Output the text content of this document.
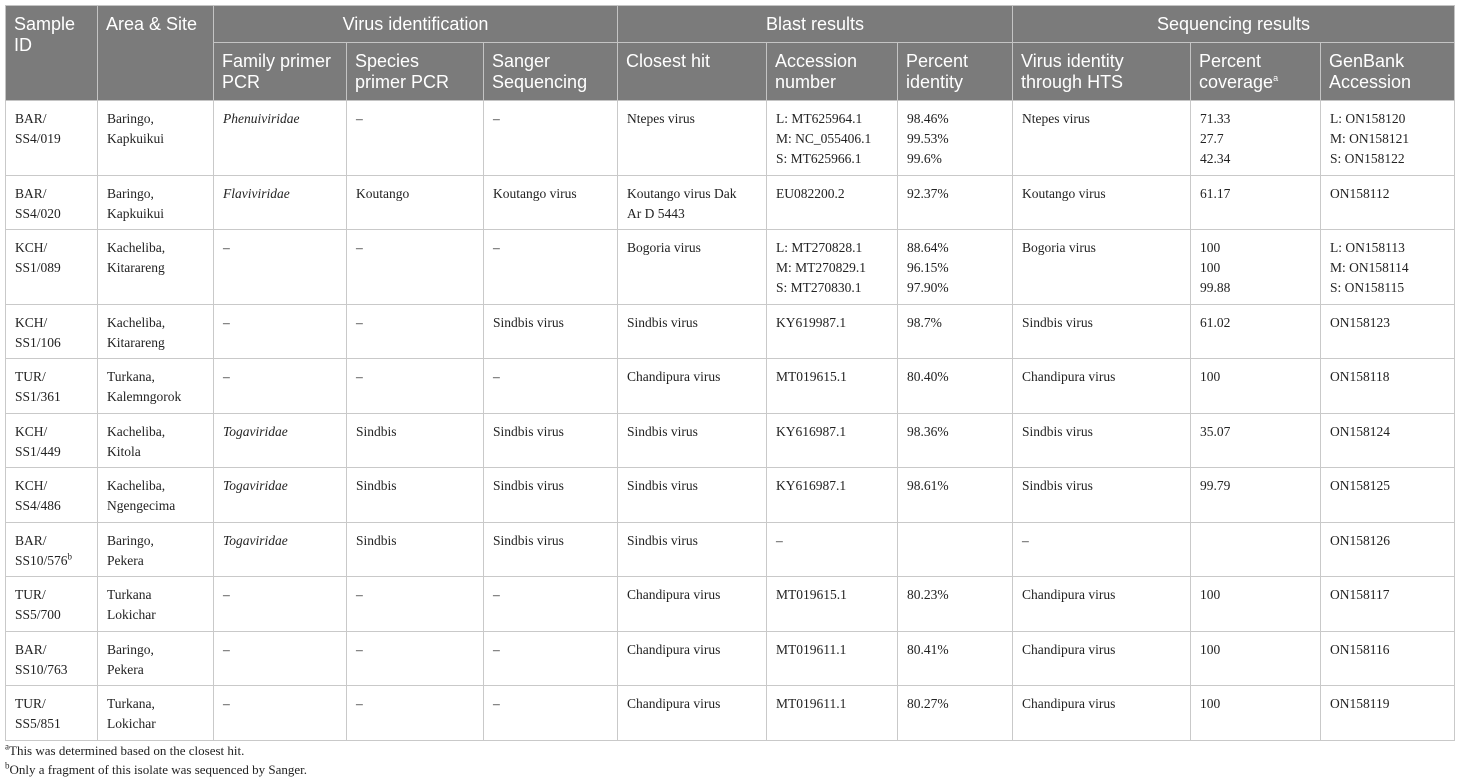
Sample ID	Area & Site	Virus identification			Blast results			Sequencing results		
		Family primer PCR	Species primer PCR	Sanger Sequencing	Closest hit	Accession number	Percent identity	Virus identity through HTS	Percent coverage$^a$	GenBank Accession

BAR/
SS4/019	Baringo,
Kapkuikui	Phenuiviridae	–	–	Ntepes virus	L: MT625964.1
M: NC_055406.1
S: MT625966.1	98.46%
99.53%
99.6%	Ntepes virus	71.33
27.7
42.34	L: ON158120
M: ON158121
S: ON158122

BAR/
SS4/020	Baringo,
Kapkuikui	Flaviviridae	Koutango	Koutango virus	Koutango virus Dak
Ar D 5443	EU082200.2	92.37%	Koutango virus	61.17	ON158112

KCH/
SS1/089	Kacheliba,
Kitarareng	–	–	–	Bogoria virus	L: MT270828.1
M: MT270829.1
S: MT270830.1	88.64%
96.15%
97.90%	Bogoria virus	100
100
99.88	L: ON158113
M: ON158114
S: ON158115

KCH/
SS1/106	Kacheliba,
Kitarareng	–	–	Sindbis virus	Sindbis virus	KY619987.1	98.7%	Sindbis virus	61.02	ON158123

TUR/
SS1/361	Turkana,
Kalemngorok	–	–	–	Chandipura virus	MT019615.1	80.40%	Chandipura virus	100	ON158118

KCH/
SS1/449	Kacheliba,
Kitola	Togaviridae	Sindbis	Sindbis virus	Sindbis virus	KY616987.1	98.36%	Sindbis virus	35.07	ON158124

KCH/
SS4/486	Kacheliba,
Ngengecima	Togaviridae	Sindbis	Sindbis virus	Sindbis virus	KY616987.1	98.61%	Sindbis virus	99.79	ON158125

BAR/
SS10/576$^b$	Baringo,
Pekera	Togaviridae	Sindbis	Sindbis virus	Sindbis virus	–		–		ON158126

TUR/
SS5/700	Turkana
Lokichar	–	–	–	Chandipura virus	MT019615.1	80.23%	Chandipura virus	100	ON158117

BAR/
SS10/763	Baringo,
Pekera	–	–	–	Chandipura virus	MT019611.1	80.41%	Chandipura virus	100	ON158116

TUR/
SS5/851	Turkana,
Lokichar	–	–	–	Chandipura virus	MT019611.1	80.27%	Chandipura virus	100	ON158119
$^a$This was determined based on the closest hit.
$^b$Only a fragment of this isolate was sequenced by Sanger.
